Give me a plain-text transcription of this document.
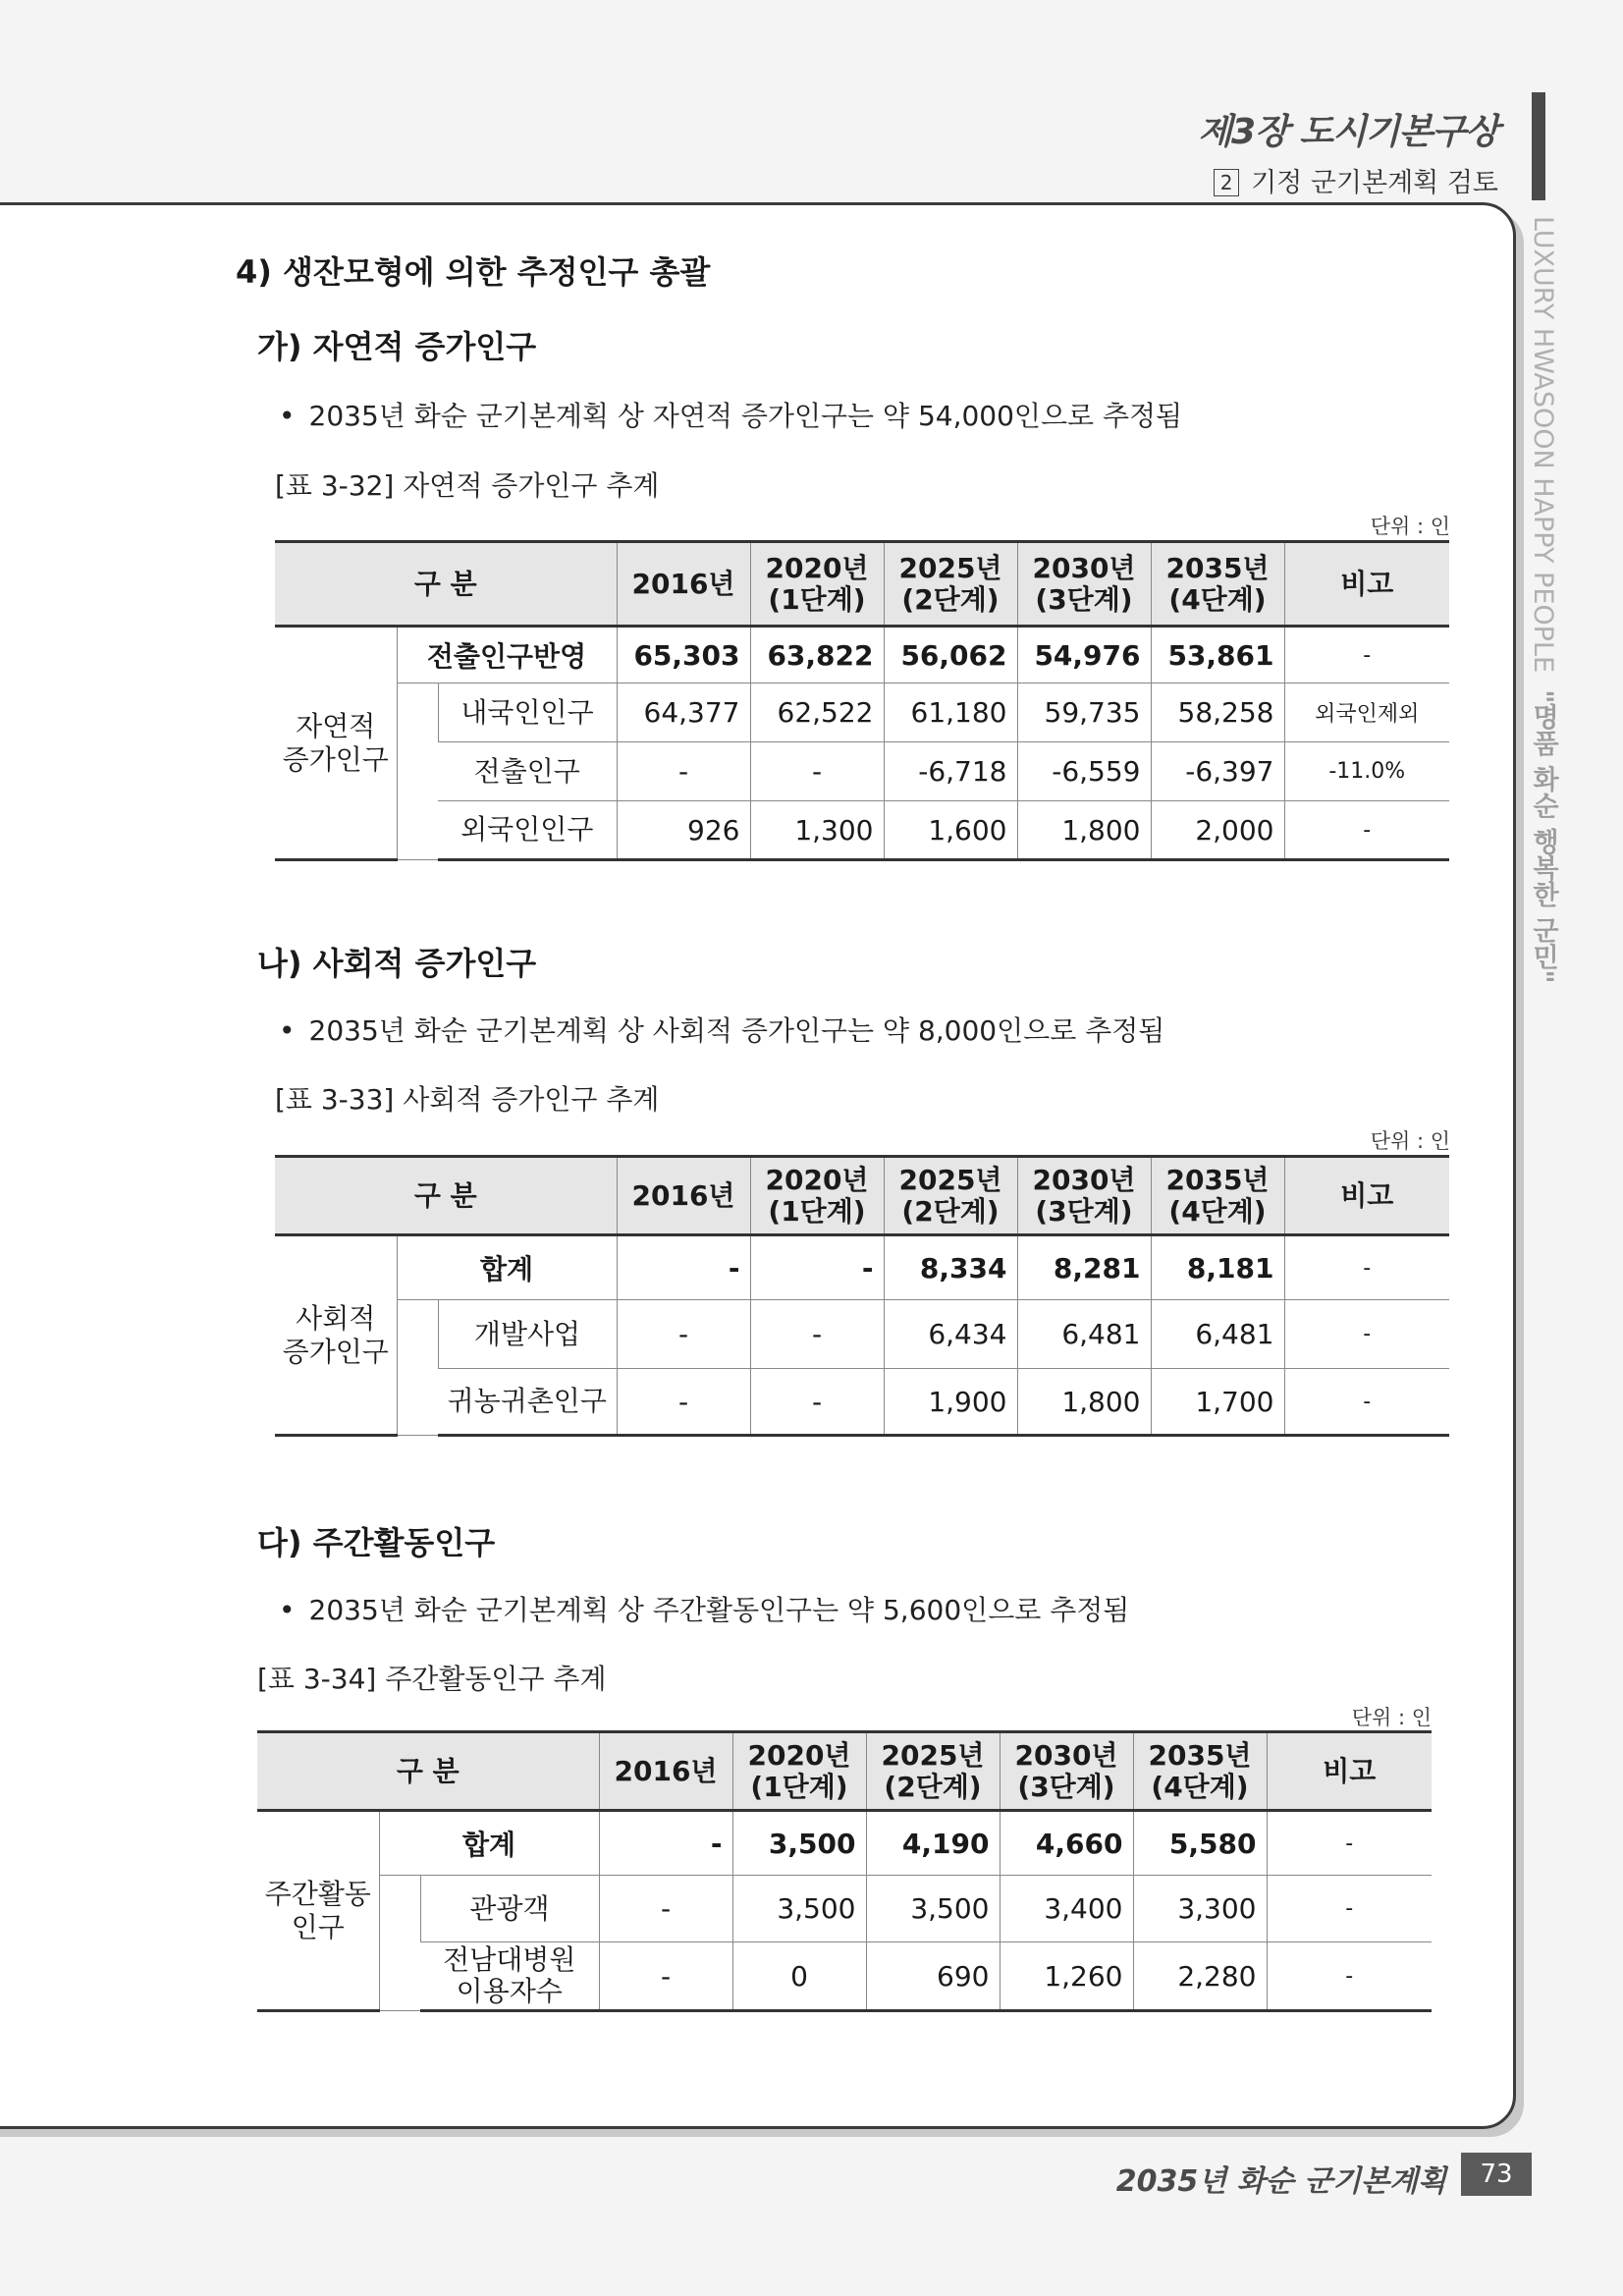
제3장 도시기본구상
2 기정 군기본계획 검토
LUXURY HWASOON HAPPY PEOPLE  "명품 화순 행복한 군민"
4) 생잔모형에 의한 추정인구 총괄
가) 자연적 증가인구
• 2035년 화순 군기본계획 상 자연적 증가인구는 약 54,000인으로 추정됨
[표 3-32] 자연적 증가인구 추계
단위 : 인
구 분			2016년	2020년
(1단계)	2025년
(2단계)	2030년
(3단계)	2035년
(4단계)	비고
자연적
증가인구	전출인구반영		65,303	63,822	56,062	54,976	53,861	-
		내국인인구	64,377	62,522	61,180	59,735	58,258	외국인제외
		전출인구	-	-	-6,718	-6,559	-6,397	-11.0%
		외국인인구	926	1,300	1,600	1,800	2,000	-
나) 사회적 증가인구
• 2035년 화순 군기본계획 상 사회적 증가인구는 약 8,000인으로 추정됨
[표 3-33] 사회적 증가인구 추계
단위 : 인
구 분			2016년	2020년
(1단계)	2025년
(2단계)	2030년
(3단계)	2035년
(4단계)	비고
사회적
증가인구	합계		-	-	8,334	8,281	8,181	-
		개발사업	-	-	6,434	6,481	6,481	-
		귀농귀촌인구	-	-	1,900	1,800	1,700	-
다) 주간활동인구
• 2035년 화순 군기본계획 상 주간활동인구는 약 5,600인으로 추정됨
[표 3-34] 주간활동인구 추계
단위 : 인
구 분			2016년	2020년
(1단계)	2025년
(2단계)	2030년
(3단계)	2035년
(4단계)	비고
주간활동
인구	합계		-	3,500	4,190	4,660	5,580	-
		관광객	-	3,500	3,500	3,400	3,300	-
		전남대병원
이용자수	-	0	690	1,260	2,280	-
2035년 화순 군기본계획	73
